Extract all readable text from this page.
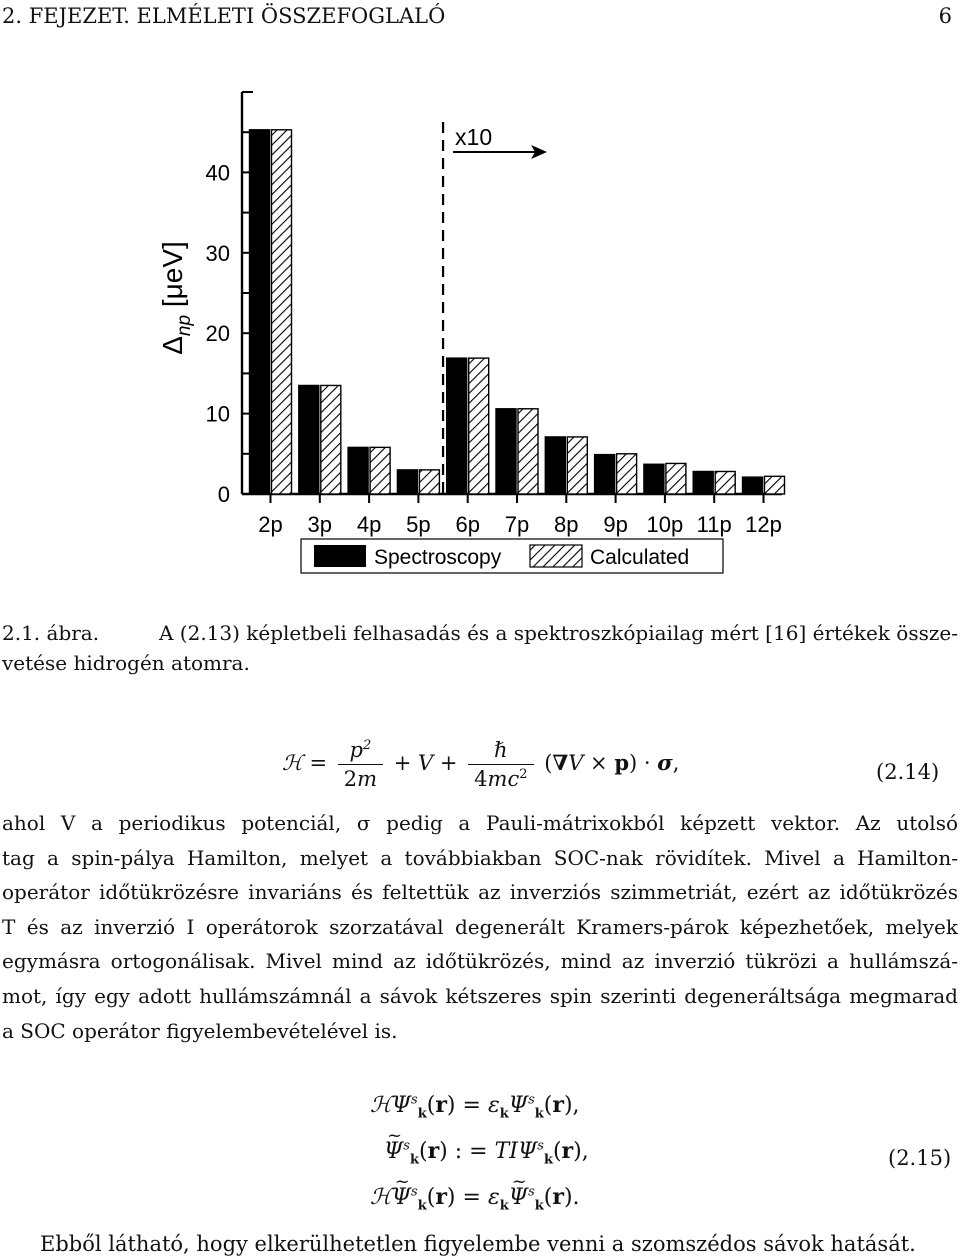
2. FEJEZET. ELMÉLETI ÖSSZEFOGLALÓ	6
0
10
20
30
40
$\Delta_{np}$ [μeV]
2p 3p 4p 5p 6p 7p 8p 9p 10p 11p 12p
x10
Spectroscopy	Calculated
2.1. ábra.	A (2.13) képletbeli felhasadás és a spektroszkópiailag mért [16] értékek össze-
vetése hidrogén atomra.
ℋ = $\frac{p^2}{2m} + V + \frac{\text{ℏ}}{4mc^2} (\nabla V \times p) \cdot \sigma$,	(2.14)
ahol V a periodikus potenciál, σ pedig a Pauli-mátrixokból képzett vektor. Az utolsó
tag a spin-pálya Hamilton, melyet a továbbiakban SOC-nak rövidítek. Mivel a Hamilton-
operátor időtükrözésre invariáns és feltettük az inverziós szimmetriát, ezért az időtükrözés
T és az inverzió I operátorok szorzatával degenerált Kramers-párok képezhetőek, melyek
egymásra ortogonálisak. Mivel mind az időtükrözés, mind az inverzió tükrözi a hullámszá-
mot, így egy adott hullámszámnál a sávok kétszeres spin szerinti degeneráltsága megmarad
a SOC operátor figyelembevételével is.
ℋΨ$^s_k$(r) = $\varepsilon_k\Psi^s_k(r)$,
~ $\Psi^s_k(r)$ : = $TI\Psi^s_k(r)$,
ℋ~ $\Psi^s_k(r)$ = $\varepsilon_k\sim$ $\Psi^s_k(r)$.
(2.15)
Ebből látható, hogy elkerülhetetlen figyelembe venni a szomszédos sávok hatását.
